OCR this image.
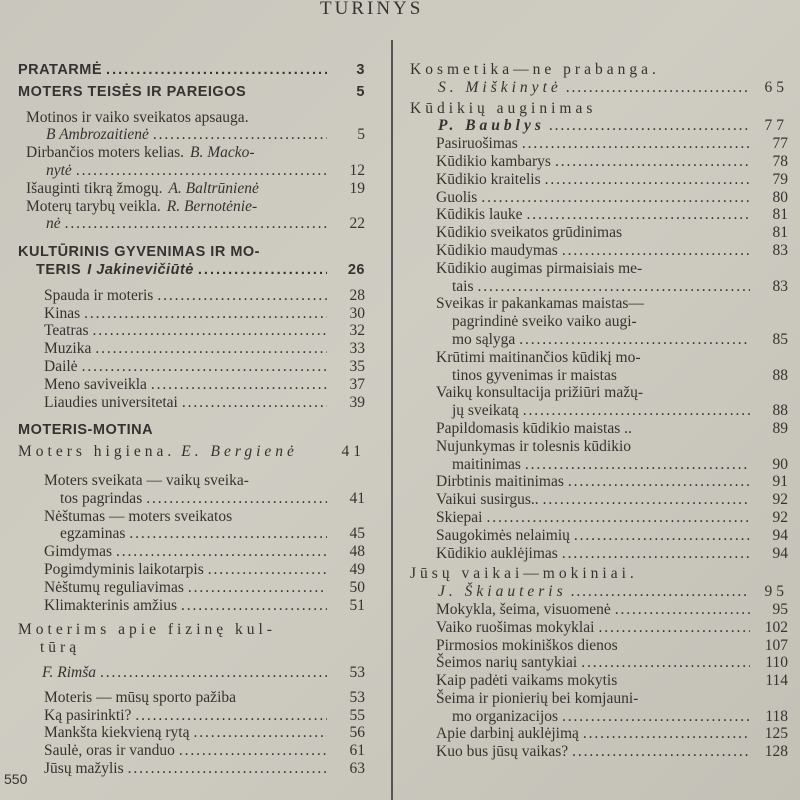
TURINYS
PRATARMĖ . . .	3
MOTERS TEISĖS IR PAREIGOS	5
Motinos ir vaiko sveikatos apsauga.
B Ambrozaitienė . . .	5
Dirbančios moters kelias. B. Macko-
nytė . . .	12
Išauginti tikrą žmogų. A. Baltrūnienė	19
Moterų tarybų veikla. R. Bernotėnie-
nė . . .	22
KULTŪRINIS GYVENIMAS IR MO-
TERIS I Jakinevičiūtė . . .	26
Spauda ir moteris . . .	28
Kinas . . .	30
Teatras . . .	32
Muzika . . .	33
Dailė . . .	35
Meno saviveikla . . .	37
Liaudies universitetai . . .	39
MOTERIS-MOTINA
Moters higiena. E. Bergienė	41
Moters sveikata — vaikų sveika-
tos pagrindas . . .	41
Nėštumas — moters sveikatos
egzaminas . . .	45
Gimdymas . . .	48
Pogimdyminis laikotarpis . . .	49
Nėštumų reguliavimas . . .	50
Klimakterinis amžius . . .	51
Moterims apie fizinę kul-
tūrą
F. Rimša . . .	53
Moteris — mūsų sporto pažiba	53
Ką pasirinkti? . . .	55
Mankšta kiekvieną rytą . . .	56
Saulė, oras ir vanduo . . .	61
Jūsų mažylis . . .	63
Kosmetika—ne prabanga.
S. Miškinytė . . .	65
Kūdikių auginimas
P. Baublys . . .	77
Pasiruošimas . . .	77
Kūdikio kambarys . . .	78
Kūdikio kraitelis . . .	79
Guolis . . .	80
Kūdikis lauke . . .	81
Kūdikio sveikatos grūdinimas	81
Kūdikio maudymas . . .	83
Kūdikio augimas pirmaisiais me-
tais . . .	83
Sveikas ir pakankamas maistas—
pagrindinė sveiko vaiko augi-
mo sąlyga . . .	85
Krūtimi maitinančios kūdikį mo-
tinos gyvenimas ir maistas	88
Vaikų konsultacija prižiūri mažų-
jų sveikatą . . .	88
Papildomasis kūdikio maistas ..	89
Nujunkymas ir tolesnis kūdikio
maitinimas . . .	90
Dirbtinis maitinimas . . .	91
Vaikui susirgus.. . . .	92
Skiepai . . .	92
Saugokimės nelaimių . . .	94
Kūdikio auklėjimas . . .	94
Jūsų vaikai—mokiniai.
J. Škiauteris . . .	95
Mokykla, šeima, visuomenė . . .	95
Vaiko ruošimas mokyklai . . .	102
Pirmosios mokiniškos dienos	107
Šeimos narių santykiai . . .	110
Kaip padėti vaikams mokytis	114
Šeima ir pionierių bei komjauni-
mo organizacijos . . .	118
Apie darbinį auklėjimą . . .	125
Kuo bus jūsų vaikas? . . .	128
550
